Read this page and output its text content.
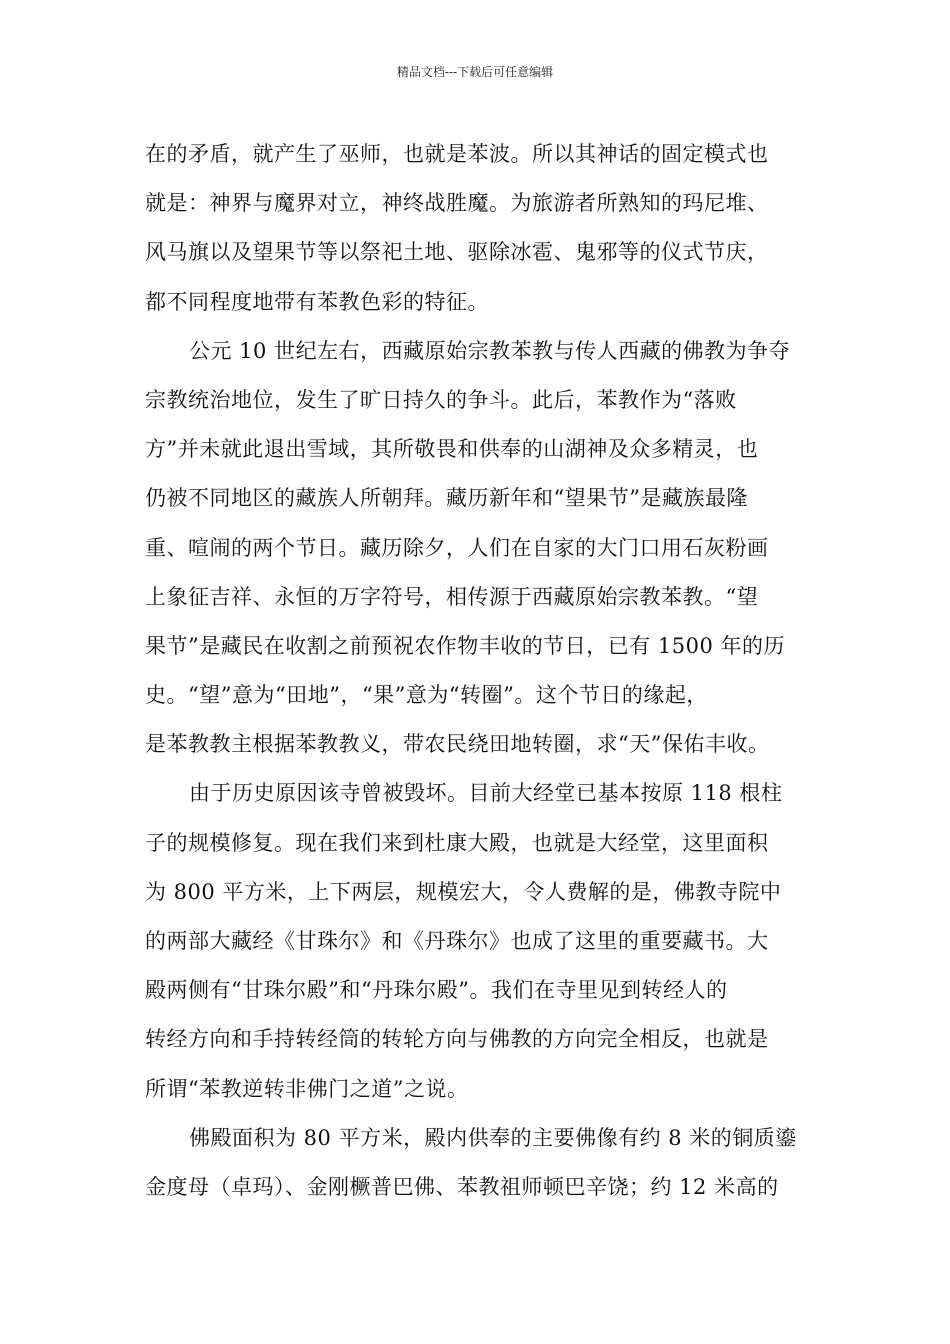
精品文档---下载后可任意编辑
在的矛盾，就产生了巫师，也就是苯波。所以其神话的固定模式也
就是：神界与魔界对立，神终战胜魔。为旅游者所熟知的玛尼堆、
风马旗以及望果节等以祭祀土地、驱除冰雹、鬼邪等的仪式节庆，
都不同程度地带有苯教色彩的特征。
公元 10 世纪左右，西藏原始宗教苯教与传人西藏的佛教为争夺
宗教统治地位，发生了旷日持久的争斗。此后，苯教作为“落败
方”并未就此退出雪域，其所敬畏和供奉的山湖神及众多精灵，也
仍被不同地区的藏族人所朝拜。藏历新年和“望果节”是藏族最隆
重、喧闹的两个节日。藏历除夕，人们在自家的大门口用石灰粉画
上象征吉祥、永恒的万字符号，相传源于西藏原始宗教苯教。“望
果节”是藏民在收割之前预祝农作物丰收的节日，已有 1500 年的历
史。“望”意为“田地”，“果”意为“转圈”。这个节日的缘起，
是苯教教主根据苯教教义，带农民绕田地转圈，求“天”保佑丰收。
由于历史原因该寺曾被毁坏。目前大经堂已基本按原 118 根柱
子的规模修复。现在我们来到杜康大殿，也就是大经堂，这里面积
为 800 平方米，上下两层，规模宏大，令人费解的是，佛教寺院中
的两部大藏经《甘珠尔》和《丹珠尔》也成了这里的重要藏书。大
殿两侧有“甘珠尔殿”和“丹珠尔殿”。我们在寺里见到转经人的
转经方向和手持转经筒的转轮方向与佛教的方向完全相反，也就是
所谓“苯教逆转非佛门之道”之说。
佛殿面积为 80 平方米，殿内供奉的主要佛像有约 8 米的铜质鎏
金度母（卓玛）、金刚橛普巴佛、苯教祖师顿巴辛饶；约 12 米高的
